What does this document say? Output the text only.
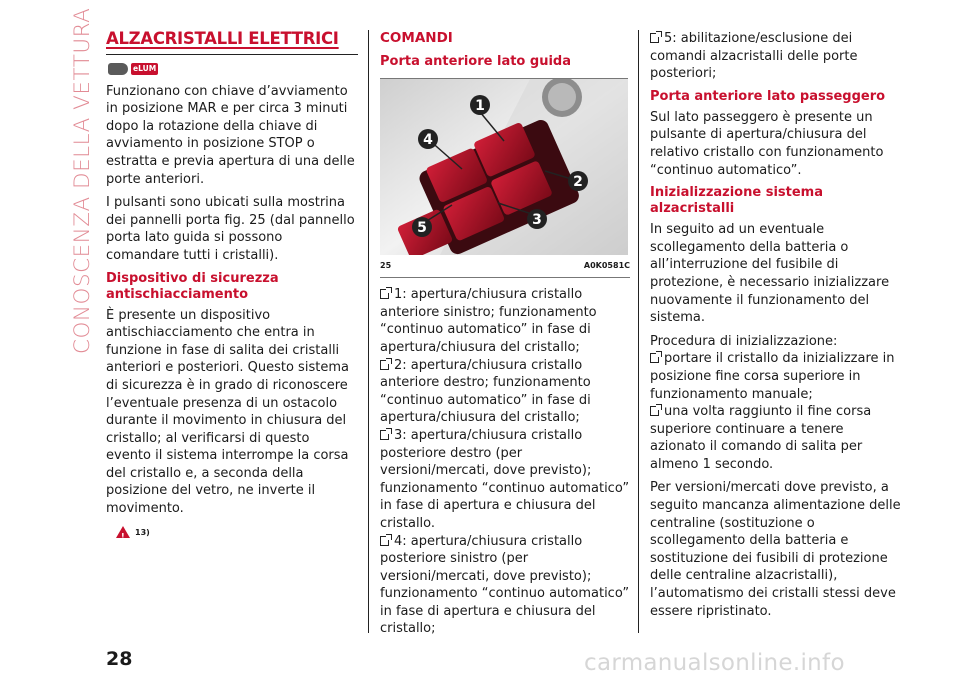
CONOSCENZA DELLA VETTURA ALZACRISTALLI ELETTRICI
eLUM

Funzionano con chiave d’avviamento in posizione MAR e per circa 3 minuti dopo la rotazione della chiave di avviamento in posizione STOP o estratta e previa apertura di una delle porte anteriori.

I pulsanti sono ubicati sulla mostrina dei pannelli porta fig. 25 (dal pannello porta lato guida si possono comandare tutti i cristalli).

Dispositivo di sicurezza antischiacciamento

È presente un dispositivo antischiacciamento che entra in funzione in fase di salita dei cristalli anteriori e posteriori. Questo sistema di sicurezza è in grado di riconoscere l’eventuale presenza di un ostacolo durante il movimento in chiusura del cristallo; al verificarsi di questo evento il sistema interrompe la corsa del cristallo e, a seconda della posizione del vetro, ne inverte il movimento.

!
13)
COMANDI
Porta anteriore lato guida
1
4
2
3
5
25	A0K0581C

1: apertura/chiusura cristallo anteriore sinistro; funzionamento “continuo automatico” in fase di apertura/chiusura del cristallo;

2: apertura/chiusura cristallo anteriore destro; funzionamento “continuo automatico” in fase di apertura/chiusura del cristallo;

3: apertura/chiusura cristallo posteriore destro (per versioni/mercati, dove previsto); funzionamento “continuo automatico” in fase di apertura e chiusura del cristallo.

4: apertura/chiusura cristallo posteriore sinistro (per versioni/mercati, dove previsto); funzionamento “continuo automatico” in fase di apertura e chiusura del cristallo;

5: abilitazione/esclusione dei comandi alzacristalli delle porte posteriori;

Porta anteriore lato passeggero

Sul lato passeggero è presente un pulsante di apertura/chiusura del relativo cristallo con funzionamento “continuo automatico”.

Inizializzazione sistema alzacristalli

In seguito ad un eventuale scollegamento della batteria o all’interruzione del fusibile di protezione, è necessario inizializzare nuovamente il funzionamento del sistema.

Procedura di inizializzazione:

portare il cristallo da inizializzare in posizione fine corsa superiore in funzionamento manuale;

una volta raggiunto il fine corsa superiore continuare a tenere azionato il comando di salita per almeno 1 secondo.

Per versioni/mercati dove previsto, a seguito mancanza alimentazione delle centraline (sostituzione o scollegamento della batteria e sostituzione dei fusibili di protezione delle centraline alzacristalli), l’automatismo dei cristalli stessi deve essere ripristinato.

28	carmanualsonline.info
